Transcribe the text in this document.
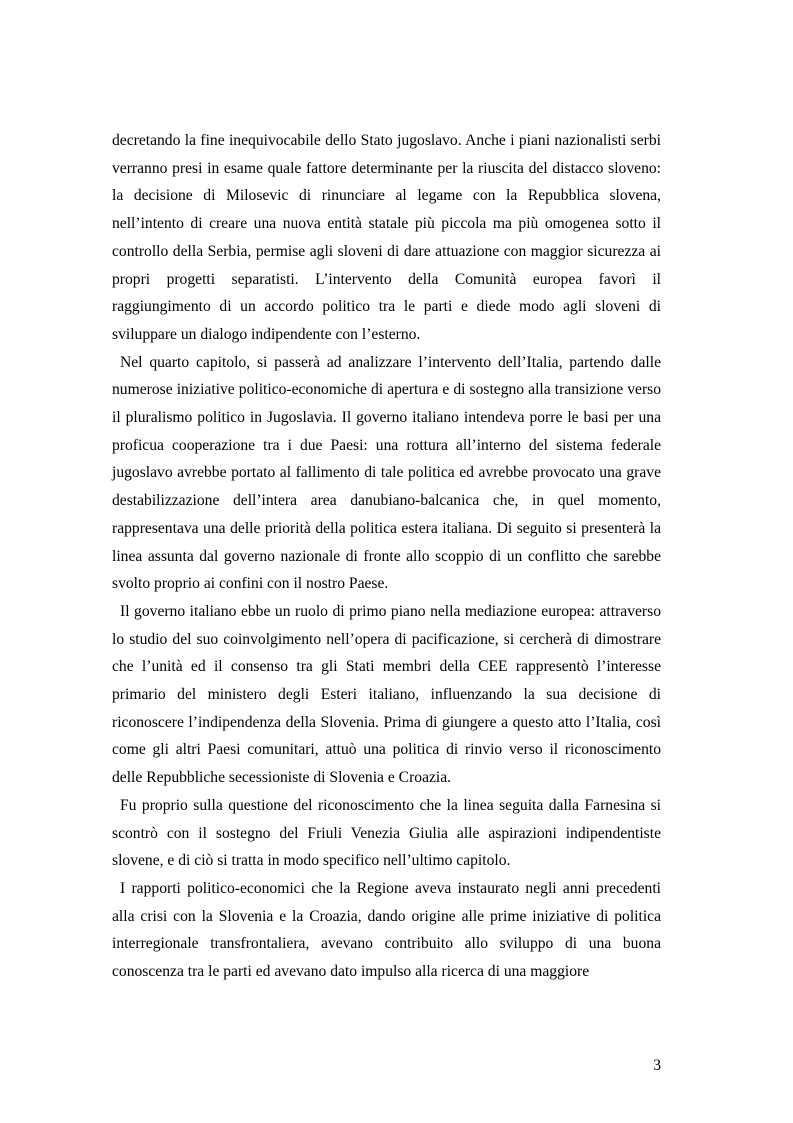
decretando la fine inequivocabile dello Stato jugoslavo. Anche i piani nazionalisti serbi verranno presi in esame quale fattore determinante per la riuscita del distacco sloveno: la decisione di Milosevic di rinunciare al legame con la Repubblica slovena, nell’intento di creare una nuova entità statale più piccola ma più omogenea sotto il controllo della Serbia, permise agli sloveni di dare attuazione con maggior sicurezza ai propri progetti separatisti. L’intervento della Comunità europea favorì il raggiungimento di un accordo politico tra le parti e diede modo agli sloveni di sviluppare un dialogo indipendente con l’esterno.

Nel quarto capitolo, si passerà ad analizzare l’intervento dell’Italia, partendo dalle numerose iniziative politico-economiche di apertura e di sostegno alla transizione verso il pluralismo politico in Jugoslavia. Il governo italiano intendeva porre le basi per una proficua cooperazione tra i due Paesi: una rottura all’interno del sistema federale jugoslavo avrebbe portato al fallimento di tale politica ed avrebbe provocato una grave destabilizzazione dell’intera area danubiano-balcanica che, in quel momento, rappresentava una delle priorità della politica estera italiana. Di seguito si presenterà la linea assunta dal governo nazionale di fronte allo scoppio di un conflitto che sarebbe svolto proprio ai confini con il nostro Paese.

Il governo italiano ebbe un ruolo di primo piano nella mediazione europea: attraverso lo studio del suo coinvolgimento nell’opera di pacificazione, si cercherà di dimostrare che l’unità ed il consenso tra gli Stati membri della CEE rappresentò l’interesse primario del ministero degli Esteri italiano, influenzando la sua decisione di riconoscere l’indipendenza della Slovenia. Prima di giungere a questo atto l’Italia, così come gli altri Paesi comunitari, attuò una politica di rinvio verso il riconoscimento delle Repubbliche secessioniste di Slovenia e Croazia.

Fu proprio sulla questione del riconoscimento che la linea seguita dalla Farnesina si scontrò con il sostegno del Friuli Venezia Giulia alle aspirazioni indipendentiste slovene, e di ciò si tratta in modo specifico nell’ultimo capitolo.

I rapporti politico-economici che la Regione aveva instaurato negli anni precedenti alla crisi con la Slovenia e la Croazia, dando origine alle prime iniziative di politica interregionale transfrontaliera, avevano contribuito allo sviluppo di una buona conoscenza tra le parti ed avevano dato impulso alla ricerca di una maggiore

3
